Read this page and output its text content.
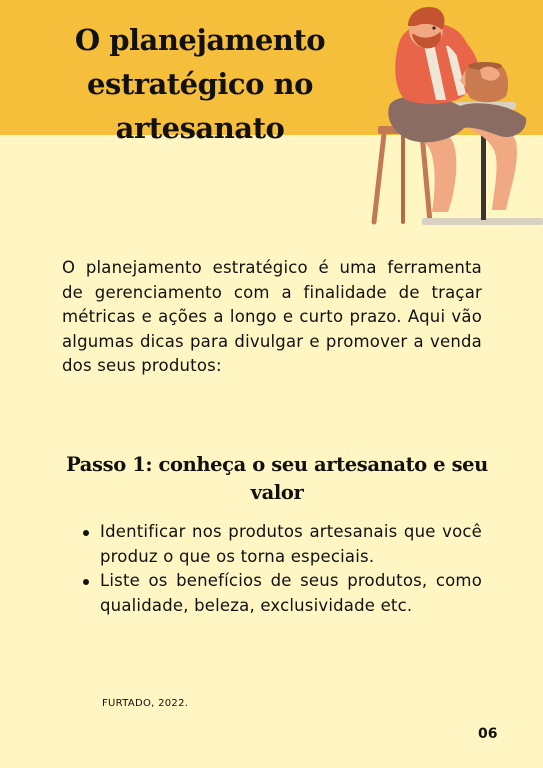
O planejamento
estratégico no artesanato
O planejamento estratégico é uma ferramenta de gerenciamento com a finalidade de traçar métricas e ações a longo e curto prazo. Aqui vão algumas dicas para divulgar e promover a venda dos seus produtos:
Passo 1: conheça o seu artesanato e seu valor
Identificar nos produtos artesanais que você produz o que os torna especiais.
Liste os benefícios de seus produtos, como qualidade, beleza, exclusividade etc.
FURTADO, 2022.
06
